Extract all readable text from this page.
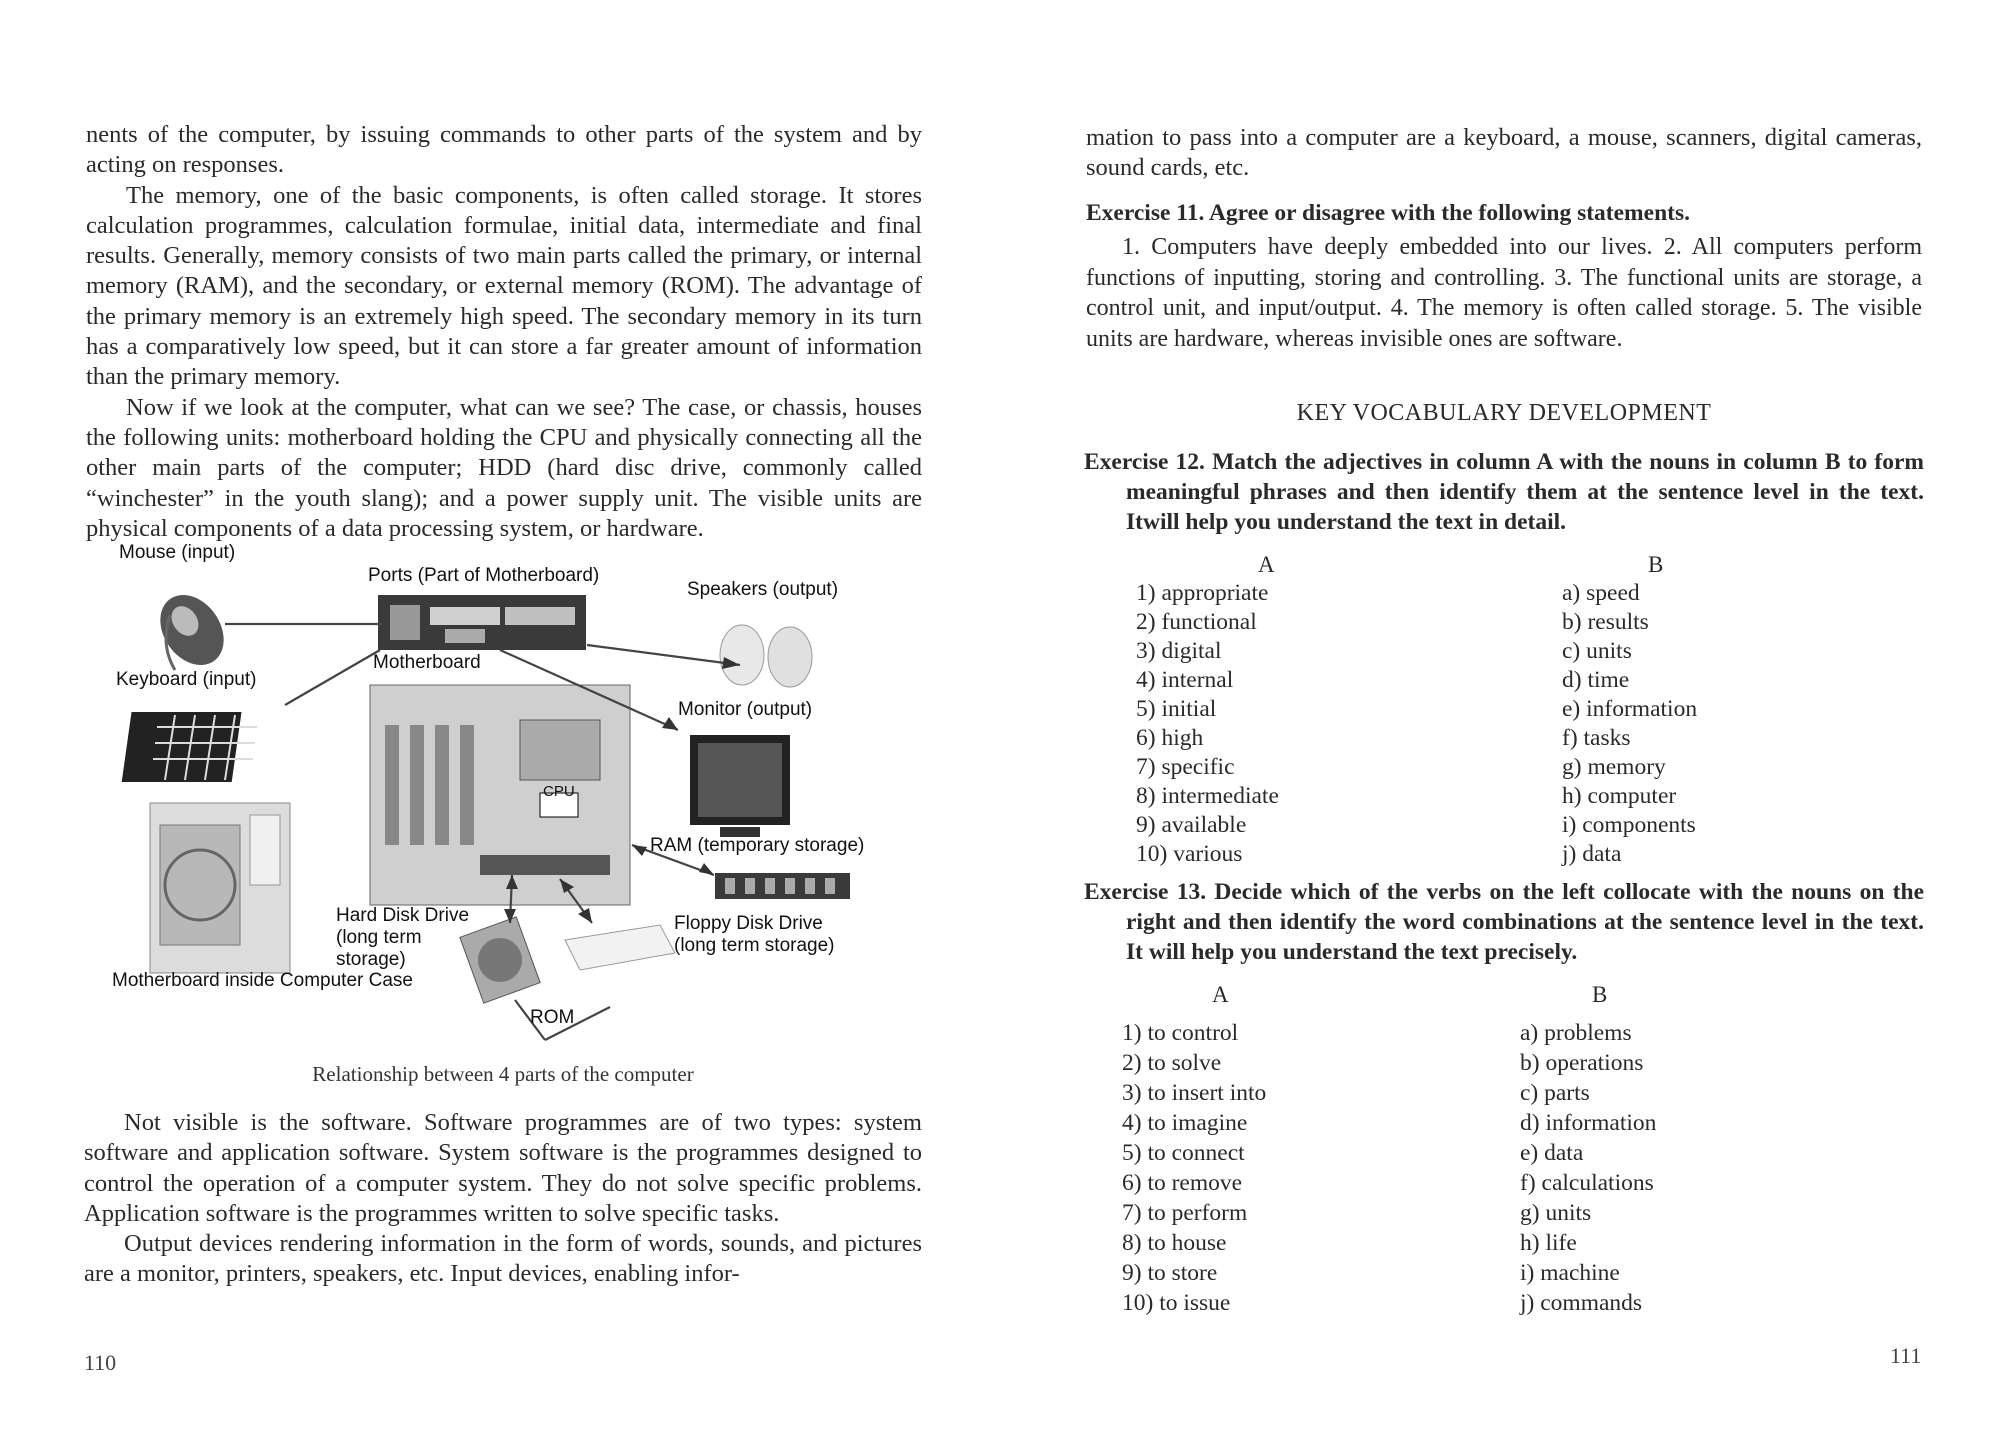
nents of the computer, by issuing commands to other parts of the system and by acting on responses.

The memory, one of the basic components, is often called storage. It stores calculation programmes, calculation formulae, initial data, intermediate and final results. Generally, memory consists of two main parts called the primary, or internal memory (RAM), and the secondary, or external memory (ROM). The advantage of the primary memory is an extremely high speed. The secondary memory in its turn has a comparatively low speed, but it can store a far greater amount of information than the primary memory.

Now if we look at the computer, what can we see? The case, or chassis, houses the following units: motherboard holding the CPU and physically connecting all the other main parts of the computer; HDD (hard disc drive, commonly called “winchester” in the youth slang); and a power supply unit. The visible units are physical components of a data processing system, or hardware.

Mouse (input)
Ports (Part of Motherboard)
Speakers (output)
Keyboard (input)
Motherboard
Monitor (output)
CPU
RAM (temporary storage)
Hard Disk Drive
(long term
storage)
Floppy Disk Drive
(long term storage)
Motherboard inside Computer Case
ROM
Relationship between 4 parts of the computer

Not visible is the software. Software programmes are of two types: system software and application software. System software is the programmes designed to control the operation of a computer system. They do not solve specific problems. Application software is the programmes written to solve specific tasks.

Output devices rendering information in the form of words, sounds, and pictures are a monitor, printers, speakers, etc. Input devices, enabling infor-

110

mation to pass into a computer are a keyboard, a mouse, scanners, digital cameras, sound cards, etc.

Exercise 11. Agree or disagree with the following statements.
1. Computers have deeply embedded into our lives. 2. All computers perform functions of inputting, storing and controlling. 3. The functional units are storage, a control unit, and input/output. 4. The memory is often called storage. 5. The visible units are hardware, whereas invisible ones are software.
KEY VOCABULARY DEVELOPMENT
Exercise 12. Match the adjectives in column A with the nouns in column B to form meaningful phrases and then identify them at the sentence level in the text. Itwill help you understand the text in detail.
A
1) appropriate
2) functional
3) digital
4) internal
5) initial
6) high
7) specific
8) intermediate
9) available
10) various
B
a) speed
b) results
c) units
d) time
e) information
f) tasks
g) memory
h) computer
i) components
j) data
Exercise 13. Decide which of the verbs on the left collocate with the nouns on the right and then identify the word combinations at the sentence level in the text. It will help you understand the text precisely.
A
1) to control
2) to solve
3) to insert into
4) to imagine
5) to connect
6) to remove
7) to perform
8) to house
9) to store
10) to issue
B
a) problems
b) operations
c) parts
d) information
e) data
f) calculations
g) units
h) life
i) machine
j) commands
111
